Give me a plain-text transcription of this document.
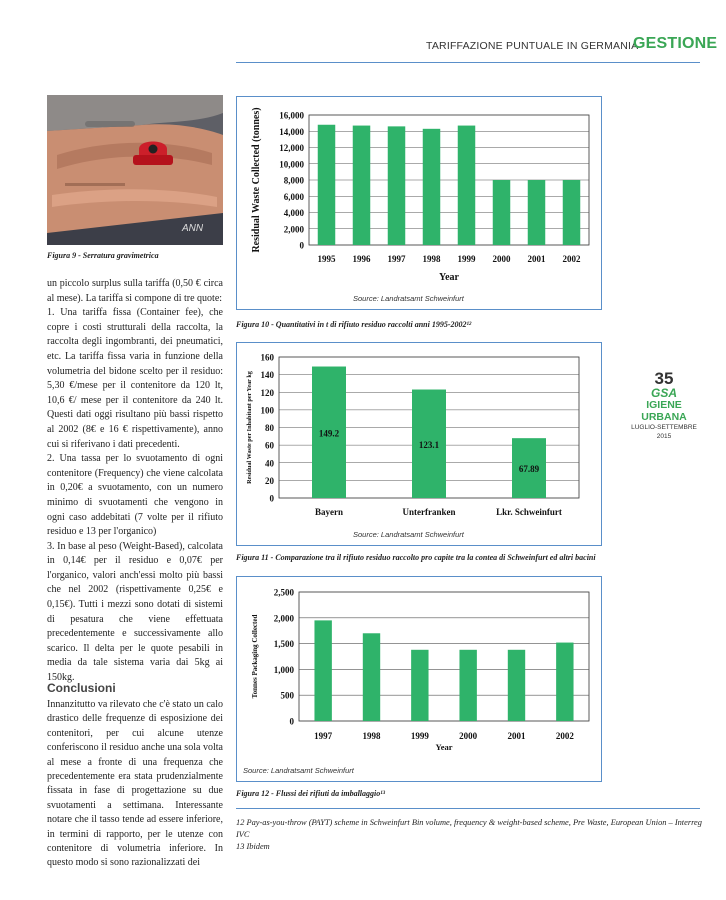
TARIFFAZIONE PUNTUALE IN GERMANIA
GESTIONE
35
GSA
IGIENE URBANA
LUGLIO-SETTEMBRE 2015
ANN
Figura 9 - Serratura gravimetrica

un piccolo surplus sulla tariffa (0,50 € circa al mese). La tariffa si compone di tre quote:

1. Una tariffa fissa (Container fee), che copre i costi strutturali della raccolta, la raccolta degli ingombranti, dei pneumatici, etc. La tariffa fissa varia in funzione della volumetria del bidone scelto per il residuo: 5,30 €/mese per il contenitore da 120 lt, 10,6 €/ mese per il contenitore da 240 lt. Questi dati oggi risultano più bassi rispetto al 2002 (8€ e 16 € rispettivamente), anno cui si riferivano i dati precedenti.

2. Una tassa per lo svuotamento di ogni contenitore (Frequency) che viene calcolata in 0,20€ a svuotamento, con un numero minimo di svuotamenti che vengono in ogni caso addebitati (7 volte per il rifiuto residuo e 13 per l'organico)

3. In base al peso (Weight-Based), calcolata in 0,14€ per il residuo e 0,07€ per l'organico, valori anch'essi molto più bassi che nel 2002 (rispettivamente 0,25€ e 0,15€). Tutti i mezzi sono dotati di sistemi di pesatura che viene effettuata precedentemente e successivamente allo scarico. Il delta per le quote pesabili in media da tale sistema varia dai 5kg ai 150kg.

Conclusioni
Innanzitutto va rilevato che c'è stato un calo drastico delle frequenze di esposizione dei contenitori, per cui alcune utenze conferiscono il residuo anche una sola volta al mese a fronte di una frequenza che precedentemente era stata prudenzialmente fissata in fase di progettazione su due svuotamenti a settimana. Interessante notare che il tasso tende ad essere inferiore, in termini di rapporto, per le utenze con contenitore di volumetria inferiore. In questo modo si sono razionalizzati dei
0
2,000
4,000
6,000
8,000
10,000
12,000
14,000
16,000
1995 1996 1997 1998 1999 2000 2001 2002
Year
Residual Waste Collected (tonnes)
Source: Landratsamt Schweinfurt
Figura 10 - Quantitativi in t di rifiuto residuo raccolti anni 1995-2002¹²
0
20
40
60
80
100
120
140
160
Bayern
149.2
Unterfranken
123.1
Lkr. Schweinfurt
67.89
Residual Waste per Inhabitant per Year kg
Source: Landratsamt Schweinfurt
Figura 11 - Comparazione tra il rifiuto residuo raccolto pro capite tra la contea di Schweinfurt ed altri bacini
0
500
1,000
1,500
2,000
2,500
1997	1998	1999	2000	2001	2002
Year
Tonnes Packaging Collected
Source: Landratsamt Schweinfurt
Figura 12 - Flussi dei rifiuti da imballaggio¹³
12 Pay-as-you-throw (PAYT) scheme in Schweinfurt Bin volume, frequency & weight-based scheme, Pre Waste, European Union – Interreg IVC
13 Ibidem
